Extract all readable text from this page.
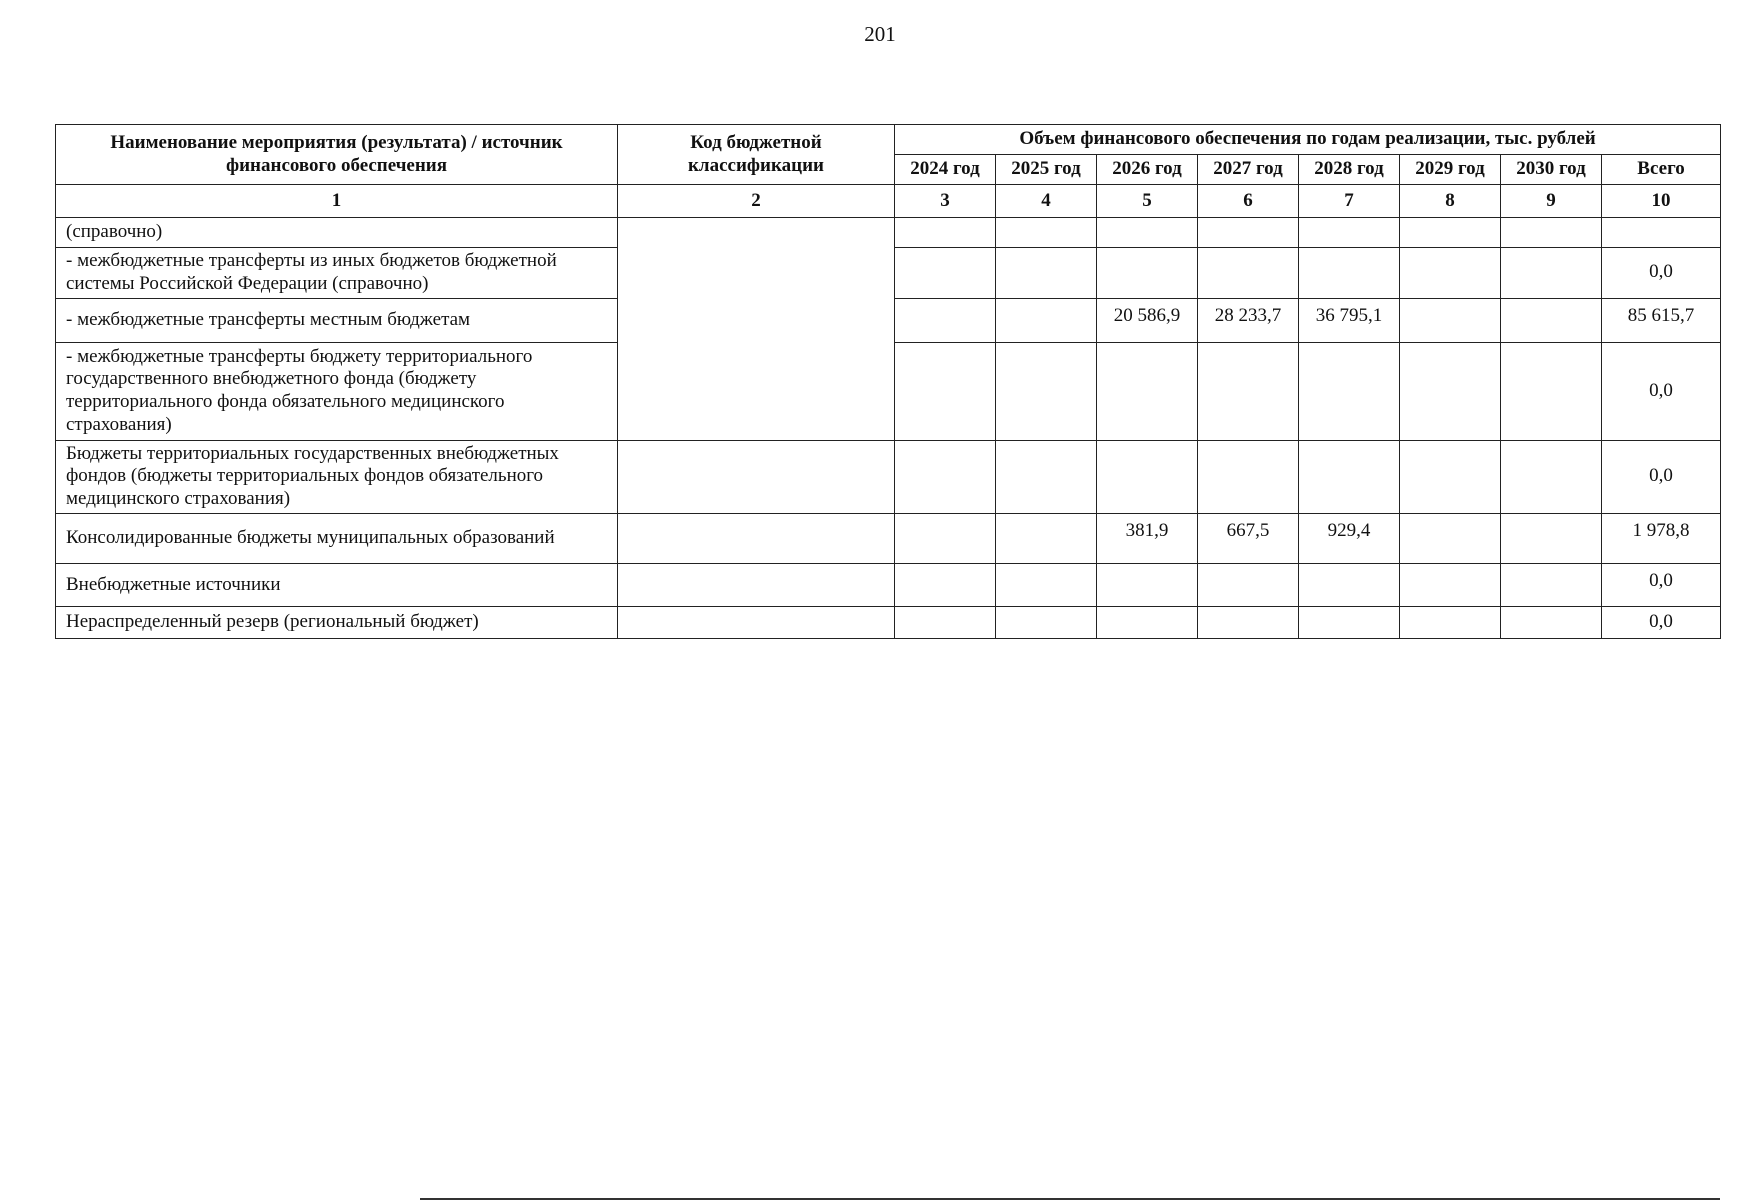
201
Наименование мероприятия (результата) / источник финансового обеспечения	Код бюджетной классификации	Объем финансового обеспечения по годам реализации, тыс. рублей							
		2024 год	2025 год	2026 год	2027 год	2028 год	2029 год	2030 год	Всего
1	2	3	4	5	6	7	8	9	10
(справочно)									
- межбюджетные трансферты из иных бюджетов бюджетной системы Российской Федерации (справочно)									0,0
- межбюджетные трансферты местным бюджетам				20 586,9	28 233,7	36 795,1			85 615,7
- межбюджетные трансферты бюджету территориального государственного внебюджетного фонда (бюджету территориального фонда обязательного медицинского страхования)									0,0
Бюджеты территориальных государственных внебюджетных фондов (бюджеты территориальных фондов обязательного медицинского страхования)									0,0
Консолидированные бюджеты муниципальных образований				381,9	667,5	929,4			1 978,8
Внебюджетные источники									0,0
Нераспределенный резерв (региональный бюджет)									0,0
